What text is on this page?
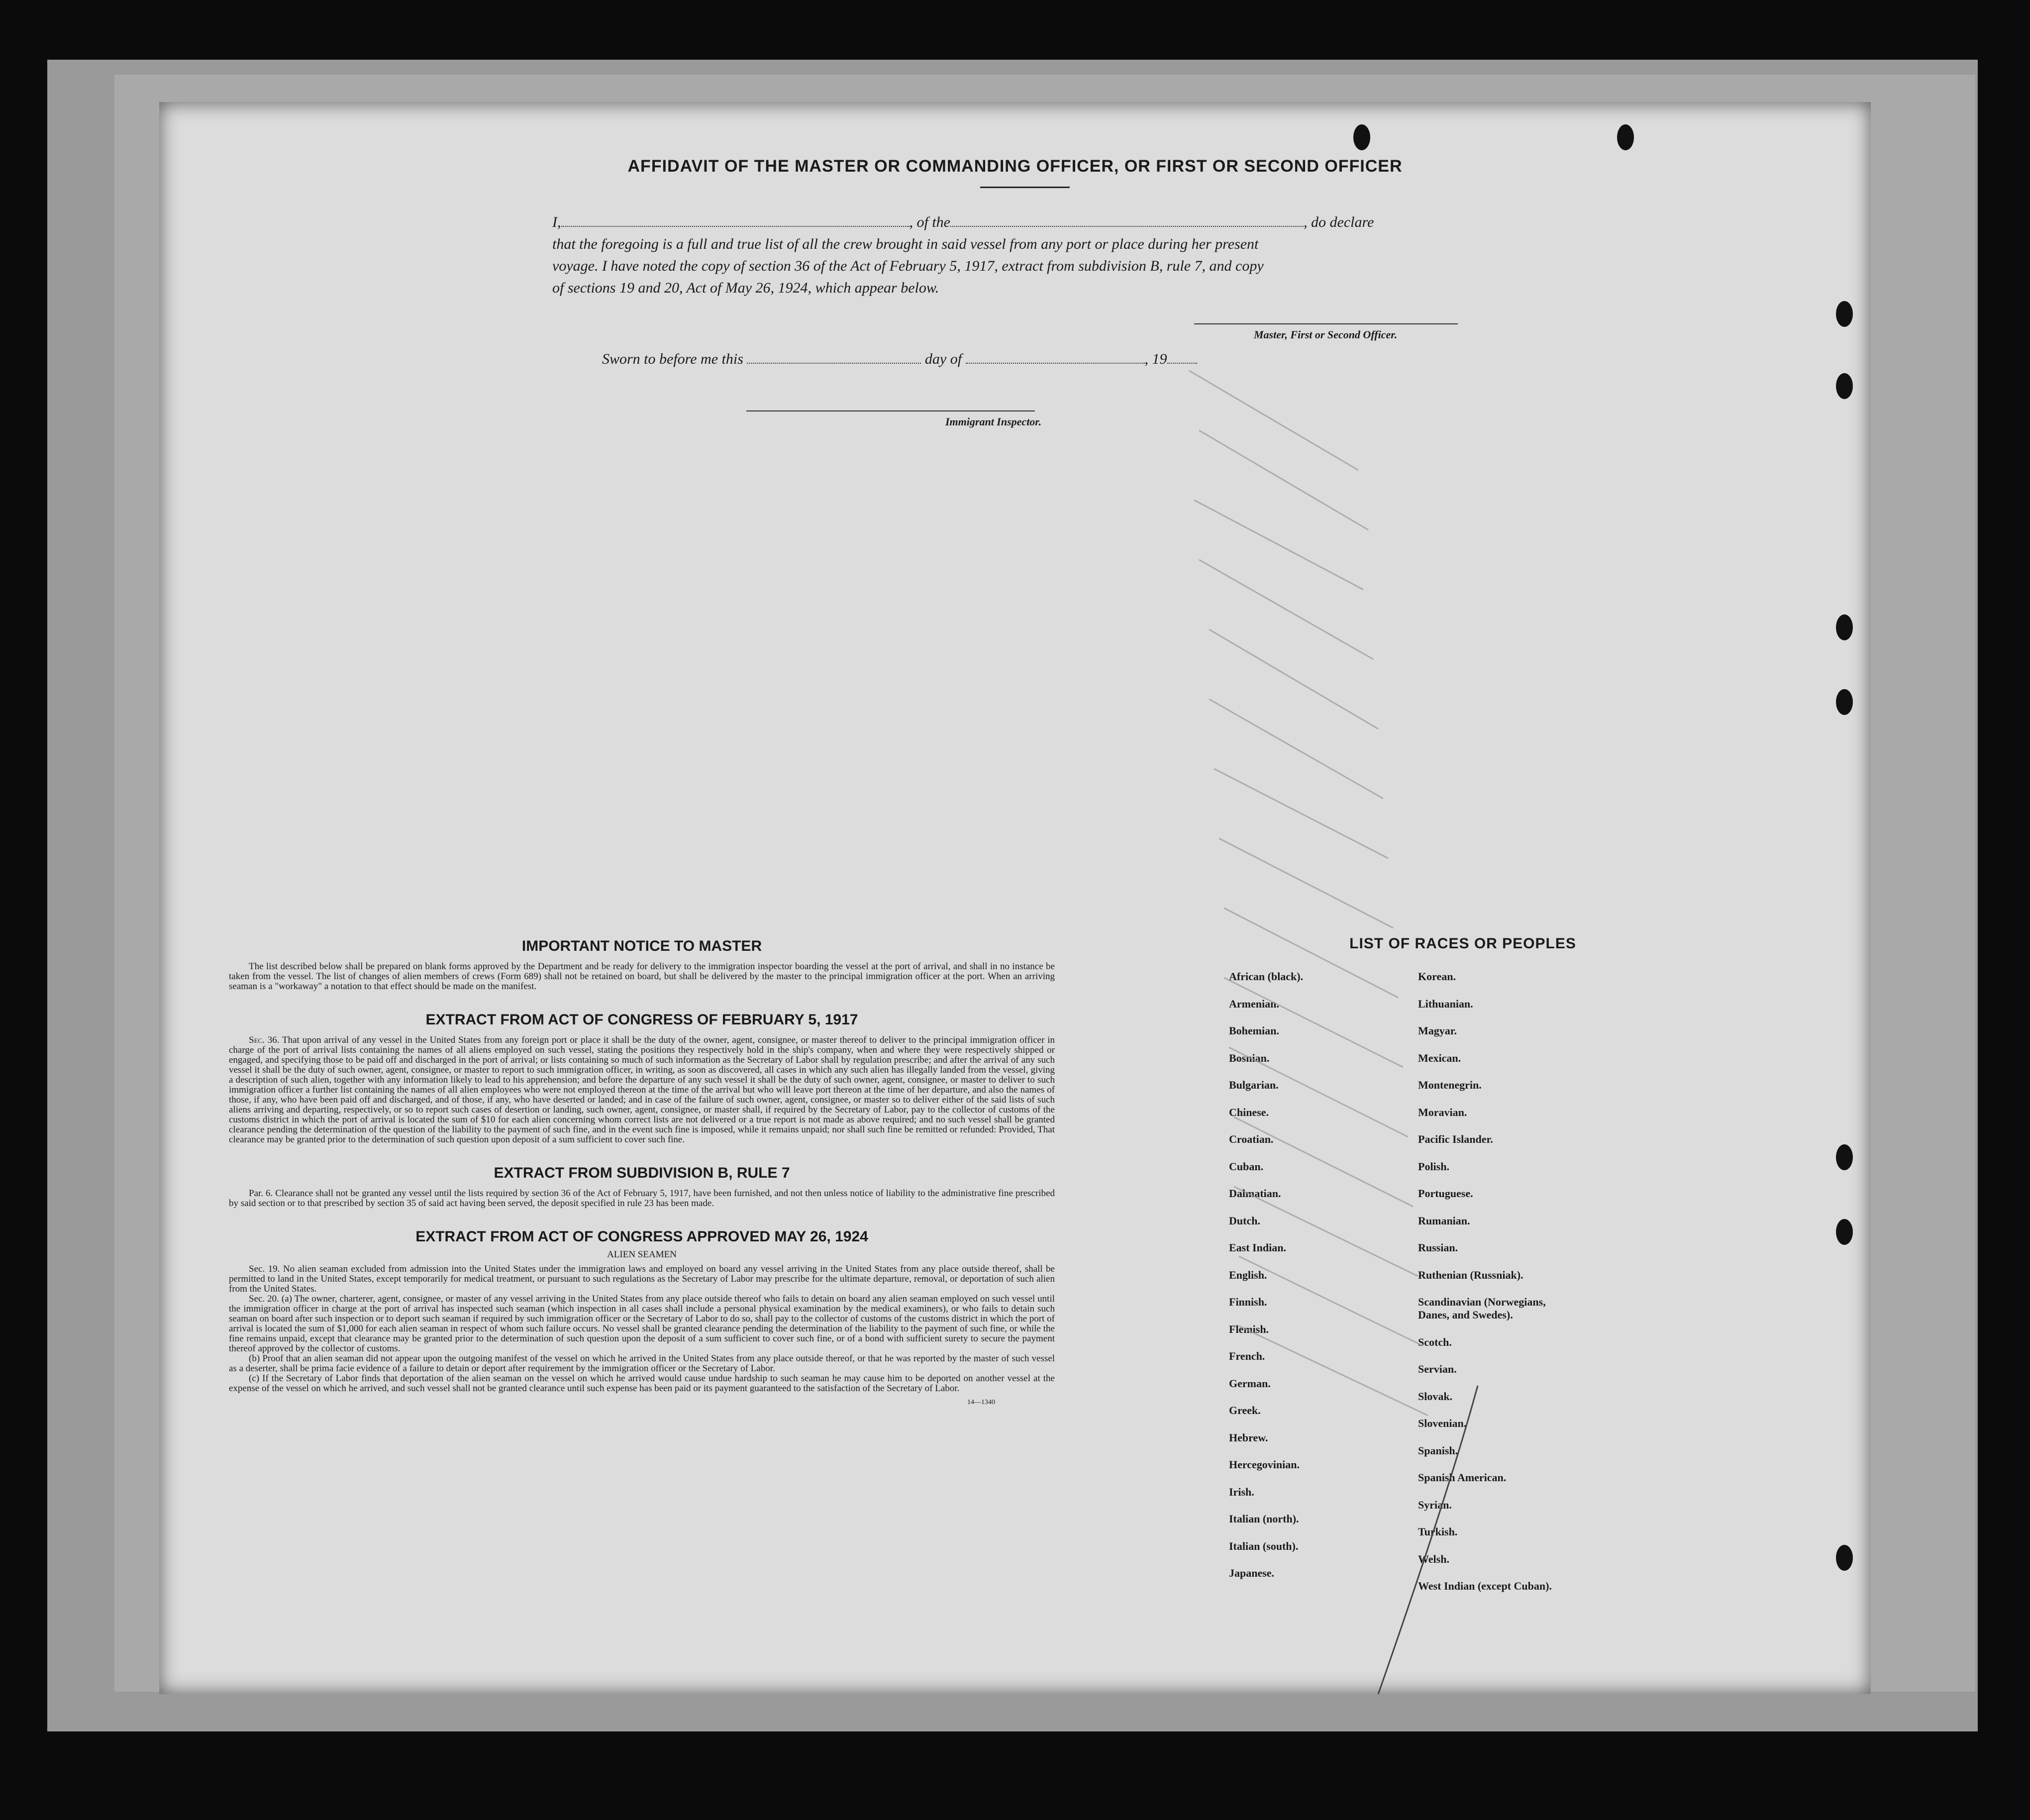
AFFIDAVIT OF THE MASTER OR COMMANDING OFFICER, OR FIRST OR SECOND OFFICER
I,	, of the	, do declare
that the foregoing is a full and true list of all the crew brought in said vessel from any port or place during her present
voyage. I have noted the copy of section 36 of the Act of February 5, 1917, extract from subdivision B, rule 7, and copy
of sections 19 and 20, Act of May 26, 1924, which appear below.
Master, First or Second Officer.
Sworn to before me this	day of	, 19
Immigrant Inspector.
IMPORTANT NOTICE TO MASTER

The list described below shall be prepared on blank forms approved by the Department and be ready for delivery to the immigration inspector boarding the vessel at the port of arrival, and shall in no instance be taken from the vessel. The list of changes of alien members of crews (Form 689) shall not be retained on board, but shall be delivered by the master to the principal immigration officer at the port. When an arriving seaman is a "workaway" a notation to that effect should be made on the manifest.

EXTRACT FROM ACT OF CONGRESS OF FEBRUARY 5, 1917

Sec. 36. That upon arrival of any vessel in the United States from any foreign port or place it shall be the duty of the owner, agent, consignee, or master thereof to deliver to the principal immigration officer in charge of the port of arrival lists containing the names of all aliens employed on such vessel, stating the positions they respectively hold in the ship's company, when and where they were respectively shipped or engaged, and specifying those to be paid off and discharged in the port of arrival; or lists containing so much of such information as the Secretary of Labor shall by regulation prescribe; and after the arrival of any such vessel it shall be the duty of such owner, agent, consignee, or master to report to such immigration officer, in writing, as soon as discovered, all cases in which any such alien has illegally landed from the vessel, giving a description of such alien, together with any information likely to lead to his apprehension; and before the departure of any such vessel it shall be the duty of such owner, agent, consignee, or master to deliver to such immigration officer a further list containing the names of all alien employees who were not employed thereon at the time of the arrival but who will leave port thereon at the time of her departure, and also the names of those, if any, who have been paid off and discharged, and of those, if any, who have deserted or landed; and in case of the failure of such owner, agent, consignee, or master so to deliver either of the said lists of such aliens arriving and departing, respectively, or so to report such cases of desertion or landing, such owner, agent, consignee, or master shall, if required by the Secretary of Labor, pay to the collector of customs of the customs district in which the port of arrival is located the sum of $10 for each alien concerning whom correct lists are not delivered or a true report is not made as above required; and no such vessel shall be granted clearance pending the determination of the question of the liability to the payment of such fine, and in the event such fine is imposed, while it remains unpaid; nor shall such fine be remitted or refunded: Provided, That clearance may be granted prior to the determination of such question upon deposit of a sum sufficient to cover such fine.

EXTRACT FROM SUBDIVISION B, RULE 7

Par. 6. Clearance shall not be granted any vessel until the lists required by section 36 of the Act of February 5, 1917, have been furnished, and not then unless notice of liability to the administrative fine prescribed by said section or to that prescribed by section 35 of said act having been served, the deposit specified in rule 23 has been made.

EXTRACT FROM ACT OF CONGRESS APPROVED MAY 26, 1924
ALIEN SEAMEN

Sec. 19. No alien seaman excluded from admission into the United States under the immigration laws and employed on board any vessel arriving in the United States from any place outside thereof, shall be permitted to land in the United States, except temporarily for medical treatment, or pursuant to such regulations as the Secretary of Labor may prescribe for the ultimate departure, removal, or deportation of such alien from the United States.

Sec. 20. (a) The owner, charterer, agent, consignee, or master of any vessel arriving in the United States from any place outside thereof who fails to detain on board any alien seaman employed on such vessel until the immigration officer in charge at the port of arrival has inspected such seaman (which inspection in all cases shall include a personal physical examination by the medical examiners), or who fails to detain such seaman on board after such inspection or to deport such seaman if required by such immigration officer or the Secretary of Labor to do so, shall pay to the collector of customs of the customs district in which the port of arrival is located the sum of $1,000 for each alien seaman in respect of whom such failure occurs. No vessel shall be granted clearance pending the determination of the liability to the payment of such fine, or while the fine remains unpaid, except that clearance may be granted prior to the determination of such question upon the deposit of a sum sufficient to cover such fine, or of a bond with sufficient surety to secure the payment thereof approved by the collector of customs.

(b) Proof that an alien seaman did not appear upon the outgoing manifest of the vessel on which he arrived in the United States from any place outside thereof, or that he was reported by the master of such vessel as a deserter, shall be prima facie evidence of a failure to detain or deport after requirement by the immigration officer or the Secretary of Labor.

(c) If the Secretary of Labor finds that deportation of the alien seaman on the vessel on which he arrived would cause undue hardship to such seaman he may cause him to be deported on another vessel at the expense of the vessel on which he arrived, and such vessel shall not be granted clearance until such expense has been paid or its payment guaranteed to the satisfaction of the Secretary of Labor.

14—1340
LIST OF RACES OR PEOPLES
African (black).
Armenian.
Bohemian.
Bosnian.
Bulgarian.
Chinese.
Croatian.
Cuban.
Dalmatian.
Dutch.
East Indian.
English.
Finnish.
Flemish.
French.
German.
Greek.
Hebrew.
Hercegovinian.
Irish.
Italian (north).
Italian (south).
Japanese.
Korean.
Lithuanian.
Magyar.
Mexican.
Montenegrin.
Moravian.
Pacific Islander.
Polish.
Portuguese.
Rumanian.
Russian.
Ruthenian (Russniak).
Scandinavian (Norwegians,
Danes, and Swedes).
Scotch.
Servian.
Slovak.
Slovenian.
Spanish.
Spanish American.
Syrian.
Turkish.
Welsh.
West Indian (except Cuban).
